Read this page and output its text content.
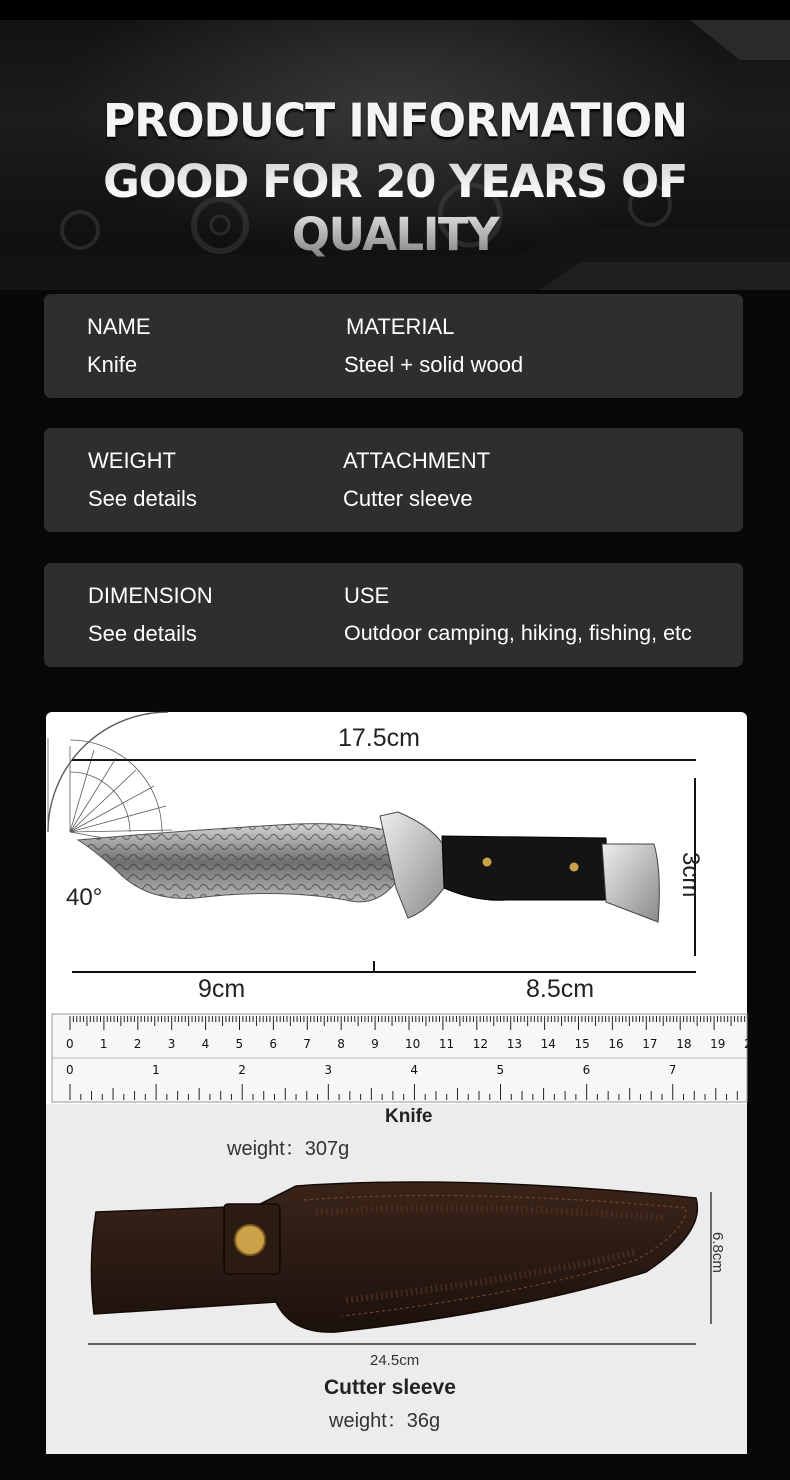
PRODUCT INFORMATION
GOOD FOR 20 YEARS OF QUALITY
NAME
Knife
MATERIAL
Steel + solid wood
WEIGHT
See details
ATTACHMENT
Cutter sleeve
DIMENSION
See details
USE
Outdoor camping, hiking, fishing, etc
0 1 2 3 4 5 6 7 8 9 10 11 12 13 14 15 16 17 18 19 2
0	1	2	3	4	5	6	7
17.5cm
3cm
40°
9cm	8.5cm
Knife
weight：307g
6.8cm
24.5cm
Cutter sleeve
weight：36g
